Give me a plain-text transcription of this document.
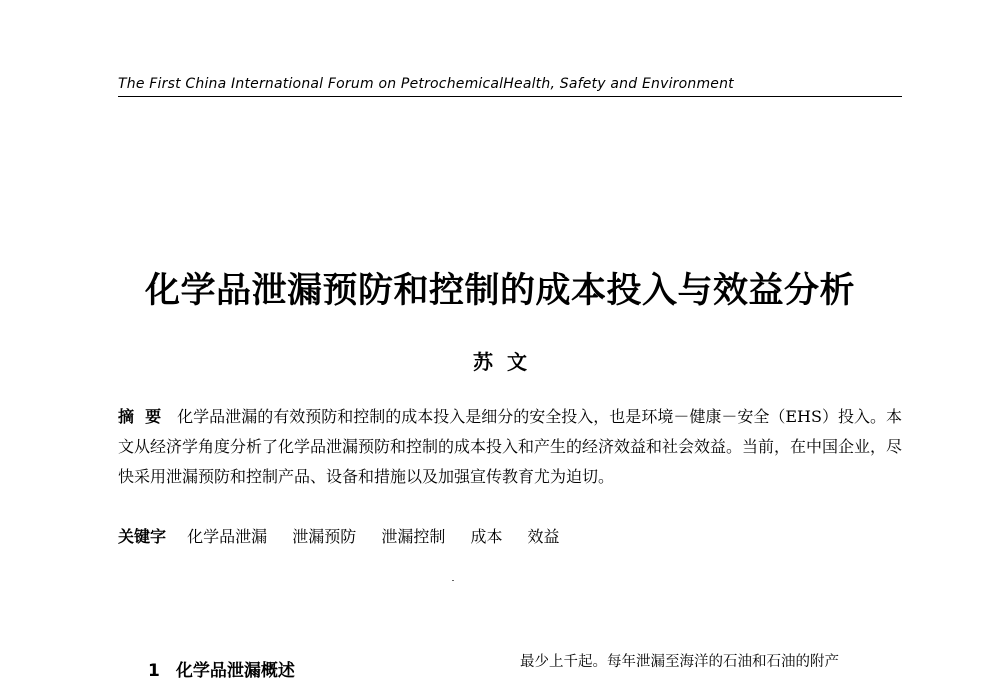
The First China International Forum on PetrochemicalHealth, Safety and Environment
化学品泄漏预防和控制的成本投入与效益分析
苏  文
摘  要 化学品泄漏的有效预防和控制的成本投入是细分的安全投入，也是环境－健康－安全（EHS）投入。本文从经济学角度分析了化学品泄漏预防和控制的成本投入和产生的经济效益和社会效益。当前，在中国企业，尽快采用泄漏预防和控制产品、设备和措施以及加强宣传教育尤为迫切。
关键字 化学品泄漏 泄漏预防 泄漏控制 成本 效益
1 化学品泄漏概述	最少上千起。每年泄漏至海洋的石油和石油的附产
